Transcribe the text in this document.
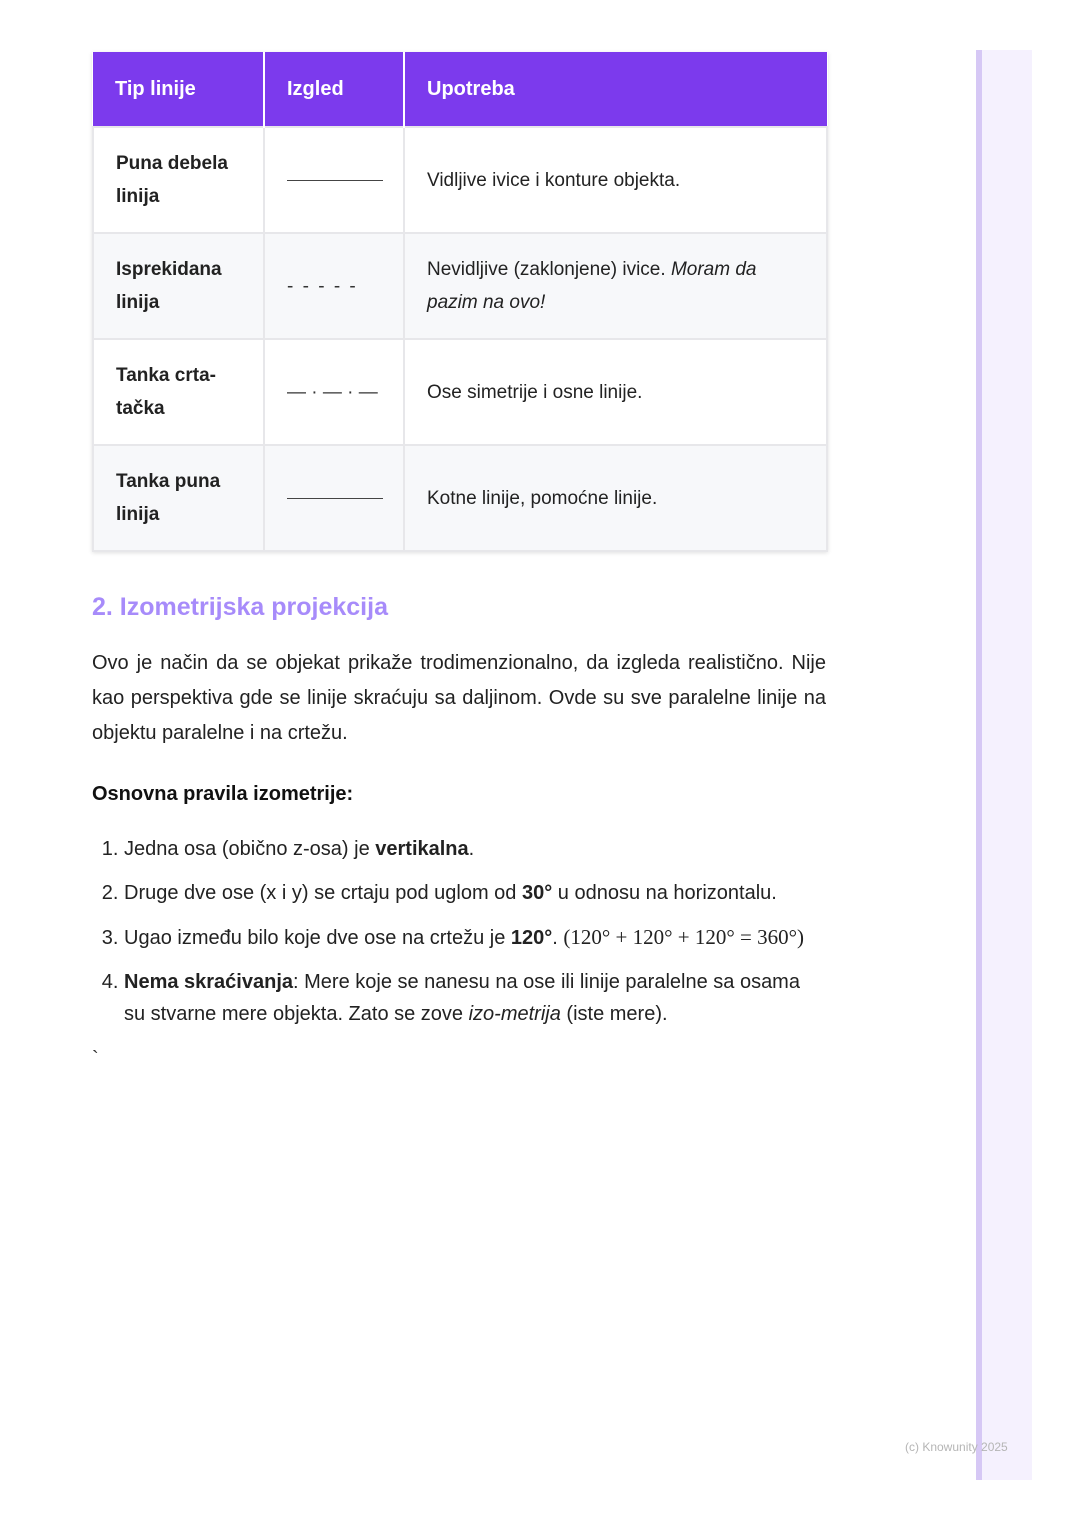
Tip linije	Izgled	Upotreba
Puna debela linija		Vidljive ivice i konture objekta.
Isprekidana linija	- - - - -	Nevidljive (zaklonjene) ivice. Moram da pazim na ovo!
Tanka crta-tačka	— · — · —	Ose simetrije i osne linije.
Tanka puna linija		Kotne linije, pomoćne linije.
2. Izometrijska projekcija

Ovo je način da se objekat prikaže trodimenzionalno, da izgleda realistično. Nije kao perspektiva gde se linije skraćuju sa daljinom. Ovde su sve paralelne linije na objektu paralelne i na crtežu.

Osnovna pravila izometrije:

1. Jedna osa (obično z-osa) je vertikalna.
2. Druge dve ose (x i y) se crtaju pod uglom od 30° u odnosu na horizontalu.
3. Ugao između bilo koje dve ose na crtežu je 120°. (120° + 120° + 120° = 360°)
4. Nema skraćivanja: Mere koje se nanesu na ose ili linije paralelne sa osama su stvarne mere objekta. Zato se zove izo-metrija (iste mere).
`
(c) Knowunity 2025
